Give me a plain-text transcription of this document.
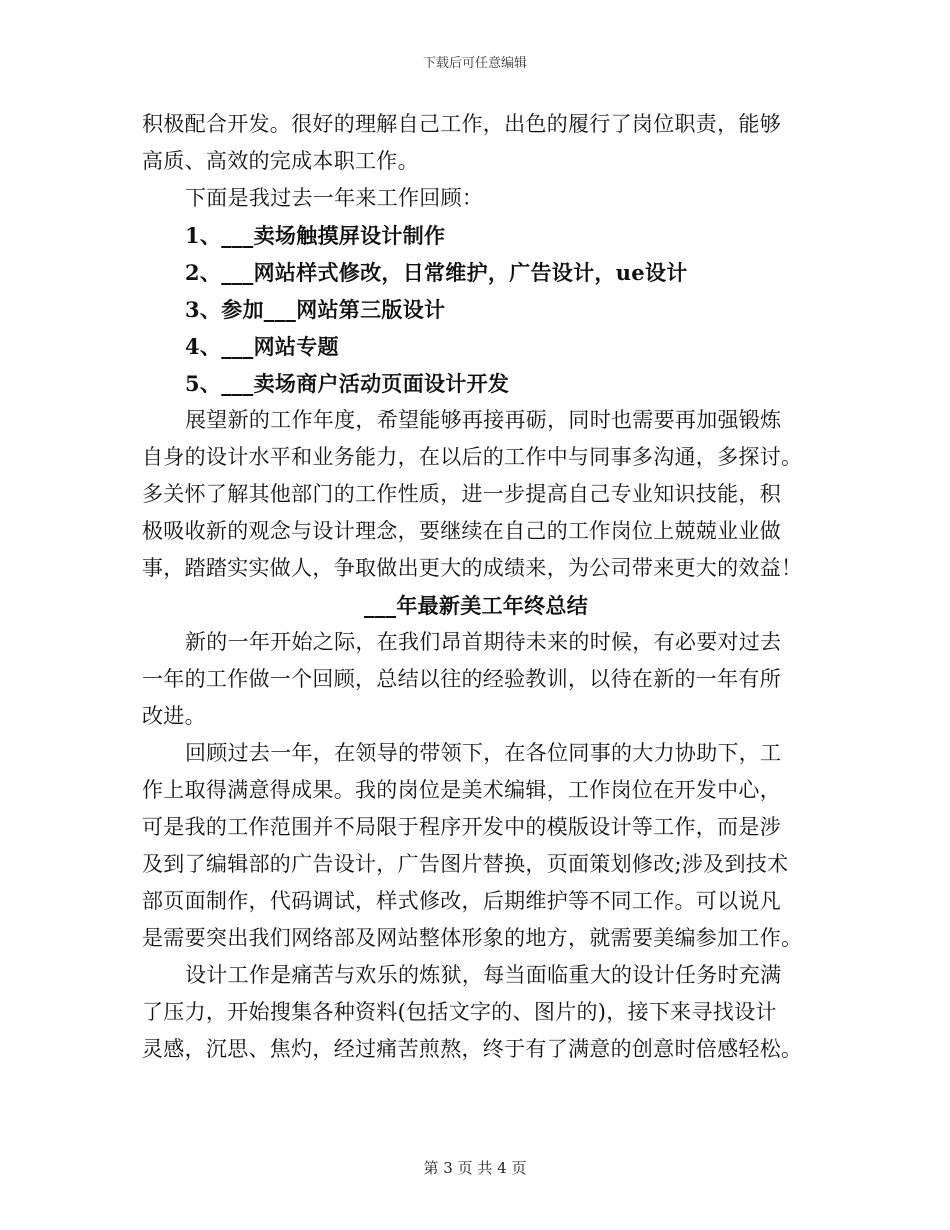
下载后可任意编辑

积极配合开发。很好的理解自己工作，出色的履行了岗位职责，能够
高质、高效的完成本职工作。

下面是我过去一年来工作回顾：

1、___卖场触摸屏设计制作

2、___网站样式修改，日常维护，广告设计，ue设计

3、参加___网站第三版设计

4、___网站专题

5、___卖场商户活动页面设计开发

展望新的工作年度，希望能够再接再砺，同时也需要再加强锻炼
自身的设计水平和业务能力，在以后的工作中与同事多沟通，多探讨。
多关怀了解其他部门的工作性质，进一步提高自己专业知识技能，积
极吸收新的观念与设计理念，要继续在自己的工作岗位上兢兢业业做
事，踏踏实实做人，争取做出更大的成绩来，为公司带来更大的效益！

___年最新美工年终总结

新的一年开始之际，在我们昂首期待未来的时候，有必要对过去
一年的工作做一个回顾，总结以往的经验教训，以待在新的一年有所
改进。

回顾过去一年，在领导的带领下，在各位同事的大力协助下，工
作上取得满意得成果。我的岗位是美术编辑，工作岗位在开发中心，
可是我的工作范围并不局限于程序开发中的模版设计等工作，而是涉
及到了编辑部的广告设计，广告图片替换，页面策划修改;涉及到技术
部页面制作，代码调试，样式修改，后期维护等不同工作。可以说凡
是需要突出我们网络部及网站整体形象的地方，就需要美编参加工作。

设计工作是痛苦与欢乐的炼狱，每当面临重大的设计任务时充满
了压力，开始搜集各种资料(包括文字的、图片的)，接下来寻找设计
灵感，沉思、焦灼，经过痛苦煎熬，终于有了满意的创意时倍感轻松。

第 3 页 共 4 页
